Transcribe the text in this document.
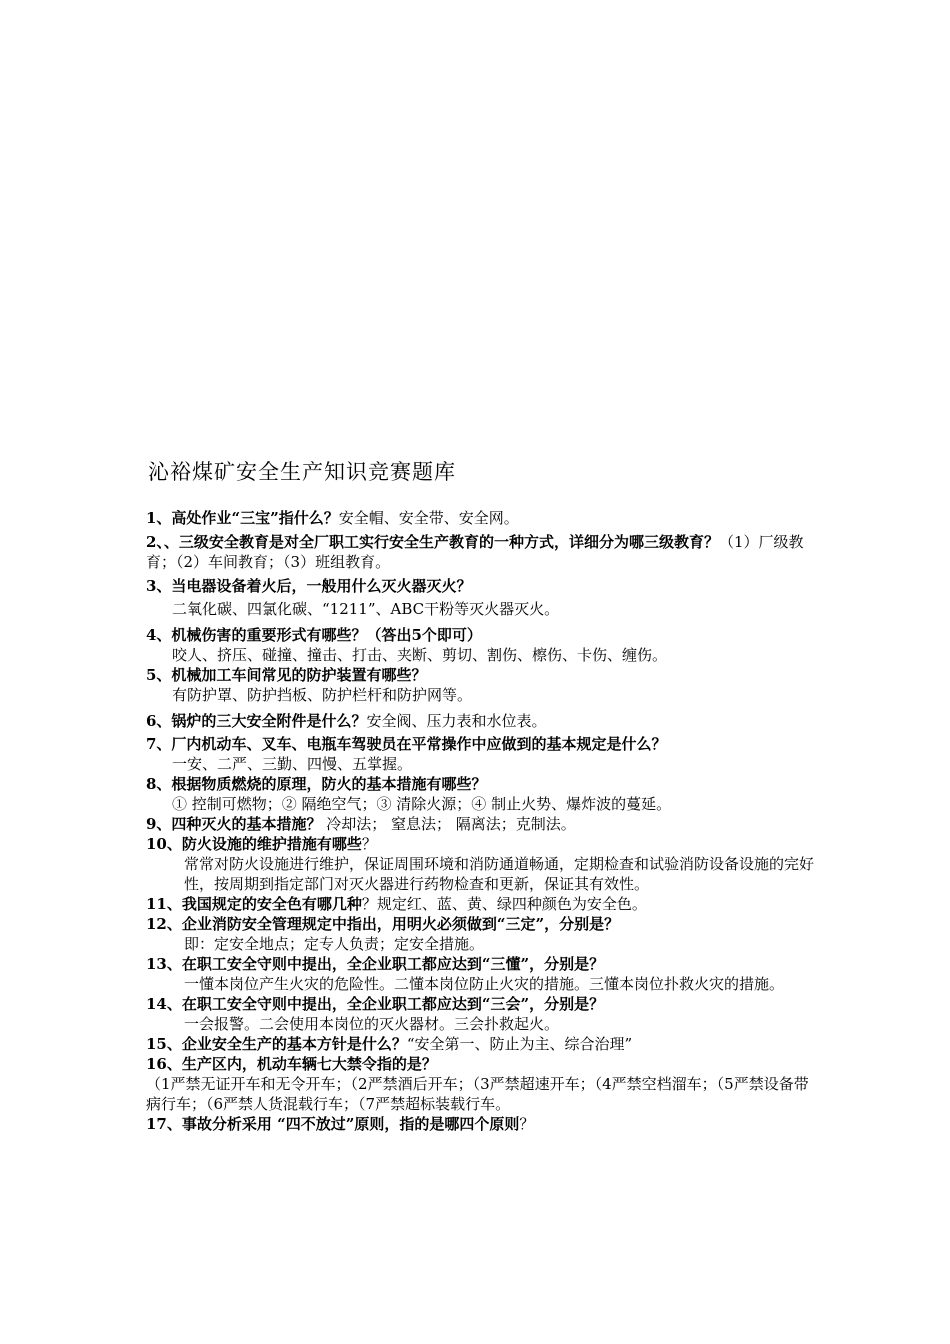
沁裕煤矿安全生产知识竞赛题库

1、高处作业“三宝”指什么？安全帽、安全带、安全网。

2、、三级安全教育是对全厂职工实行安全生产教育的一种方式，详细分为哪三级教育？（1）厂级教育；（2）车间教育；（3）班组教育。

3、当电器设备着火后，一般用什么灭火器灭火？

二氧化碳、四氯化碳、“1211”、ABC干粉等灭火器灭火。

4、机械伤害的重要形式有哪些？（答出5个即可）

咬人、挤压、碰撞、撞击、打击、夹断、剪切、割伤、檫伤、卡伤、缠伤。

5、机械加工车间常见的防护装置有哪些？

有防护罩、防护挡板、防护栏杆和防护网等。

6、锅炉的三大安全附件是什么？安全阀、压力表和水位表。

7、厂内机动车、叉车、电瓶车驾驶员在平常操作中应做到的基本规定是什么？

一安、二严、三勤、四慢、五掌握。

8、根据物质燃烧的原理，防火的基本措施有哪些？

① 控制可燃物；② 隔绝空气；③ 清除火源；④ 制止火势、爆炸波的蔓延。

9、四种灭火的基本措施？ 冷却法； 窒息法； 隔离法；克制法。

10、防火设施的维护措施有哪些？

常常对防火设施进行维护，保证周围环境和消防通道畅通，定期检查和试验消防设备设施的完好性，按周期到指定部门对灭火器进行药物检查和更新，保证其有效性。

11、我国规定的安全色有哪几种？规定红、蓝、黄、绿四种颜色为安全色。

12、企业消防安全管理规定中指出，用明火必须做到“三定”，分别是？

即：定安全地点；定专人负责；定安全措施。

13、在职工安全守则中提出，全企业职工都应达到“三懂”，分别是？

一懂本岗位产生火灾的危险性。二懂本岗位防止火灾的措施。三懂本岗位扑救火灾的措施。

14、在职工安全守则中提出，全企业职工都应达到“三会”，分别是？

一会报警。二会使用本岗位的灭火器材。三会扑救起火。

15、企业安全生产的基本方针是什么？“安全第一、防止为主、综合治理”

16、生产区内，机动车辆七大禁令指的是？

（1严禁无证开车和无令开车；（2严禁酒后开车；（3严禁超速开车；（4严禁空档溜车；（5严禁设备带病行车；（6严禁人货混载行车；（7严禁超标装载行车。

17、事故分析采用 “四不放过”原则，指的是哪四个原则？
